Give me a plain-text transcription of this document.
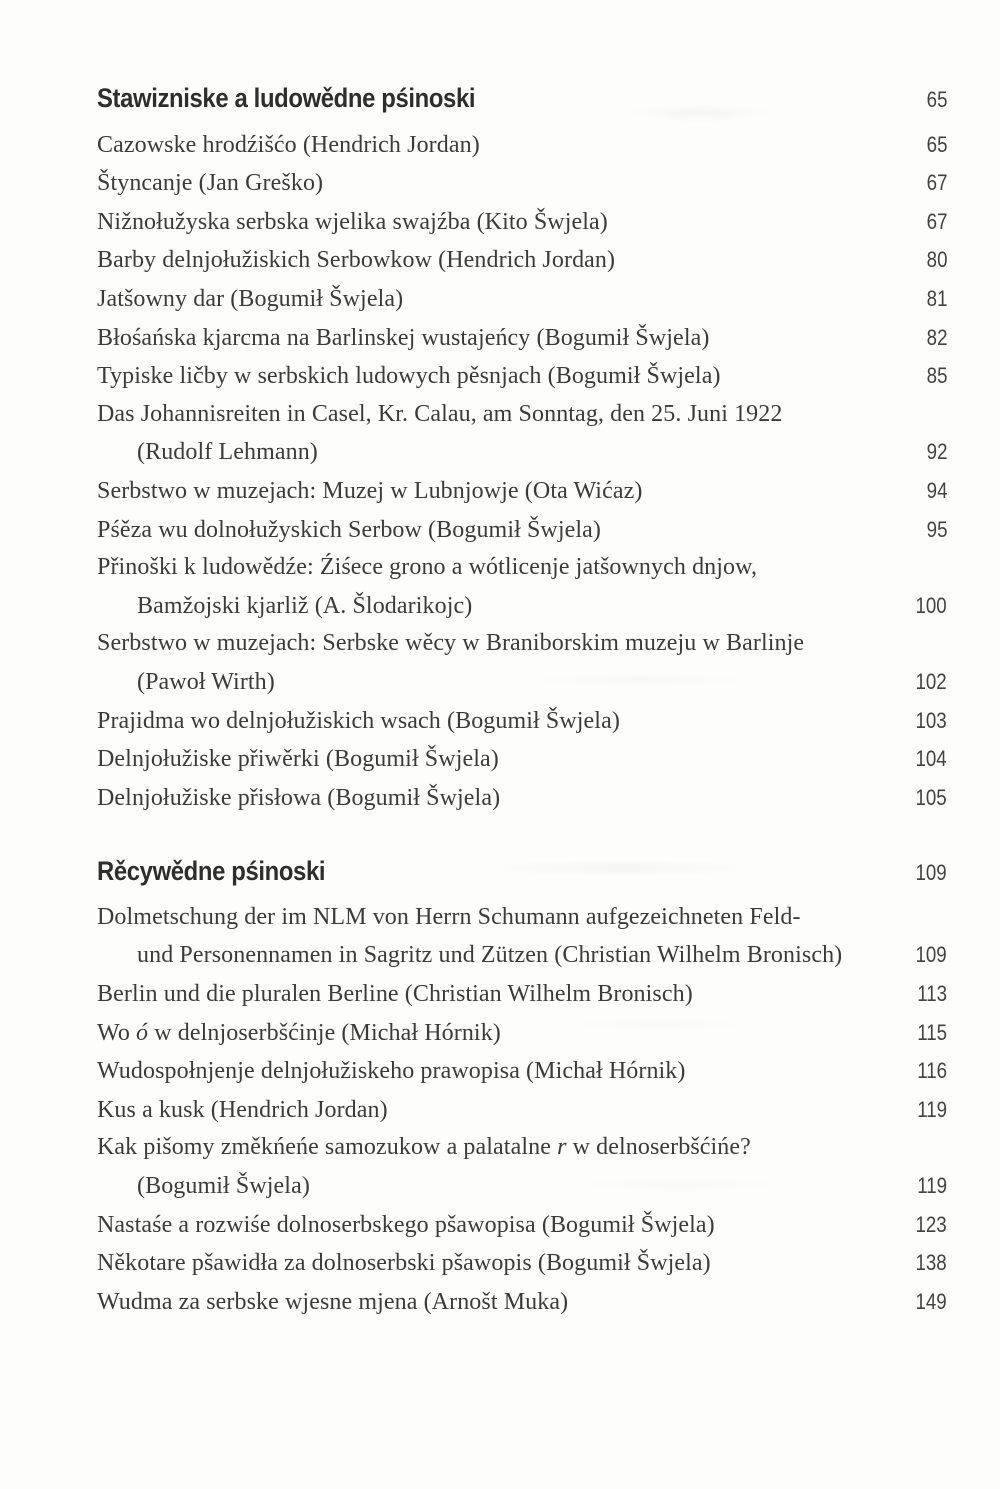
Stawizniske a ludowědne pśinoski	65
Cazowske hrodźišćo (Hendrich Jordan)	65
Štyncanje (Jan Greško)	67
Nižnołužyska serbska wjelika swajźba (Kito Šwjela)	67
Barby delnjołužiskich Serbowkow (Hendrich Jordan)	80
Jatšowny dar (Bogumił Šwjela)	81
Błośańska kjarcma na Barlinskej wustajeńcy (Bogumił Šwjela)	82
Typiske ličby w serbskich ludowych pěsnjach (Bogumił Šwjela)	85
Das Johannisreiten in Casel, Kr. Calau, am Sonntag, den 25. Juni 1922
(Rudolf Lehmann)	92
Serbstwo w muzejach: Muzej w Lubnjowje (Ota Wićaz)	94
Pśěza wu dolnołužyskich Serbow (Bogumił Šwjela)	95
Přinoški k ludowědźe: Źiśece grono a wótlicenje jatšownych dnjow,
Bamžojski kjarliž (A. Šlodarikojc)	100
Serbstwo w muzejach: Serbske wěcy w Braniborskim muzeju w Barlinje
(Pawoł Wirth)	102
Prajidma wo delnjołužiskich wsach (Bogumił Šwjela)	103
Delnjołužiske přiwěrki (Bogumił Šwjela)	104
Delnjołužiske přisłowa (Bogumił Šwjela)	105
Rěcywědne pśinoski	109
Dolmetschung der im NLM von Herrn Schumann aufgezeichneten Feld-
und Personennamen in Sagritz und Zützen (Christian Wilhelm Bronisch)	109
Berlin und die pluralen Berline (Christian Wilhelm Bronisch)	113
Wo ó w delnjoserbšćinje (Michał Hórnik)	115
Wudospołnjenje delnjołužiskeho prawopisa (Michał Hórnik)	116
Kus a kusk (Hendrich Jordan)	119
Kak pišomy změkńeńe samozukow a palatalne r w delnoserbšćińe?
(Bogumił Šwjela)	119
Nastaśe a rozwiśe dolnoserbskego pšawopisa (Bogumił Šwjela)	123
Někotare pšawidła za dolnoserbski pšawopis (Bogumił Šwjela)	138
Wudma za serbske wjesne mjena (Arnošt Muka)	149
